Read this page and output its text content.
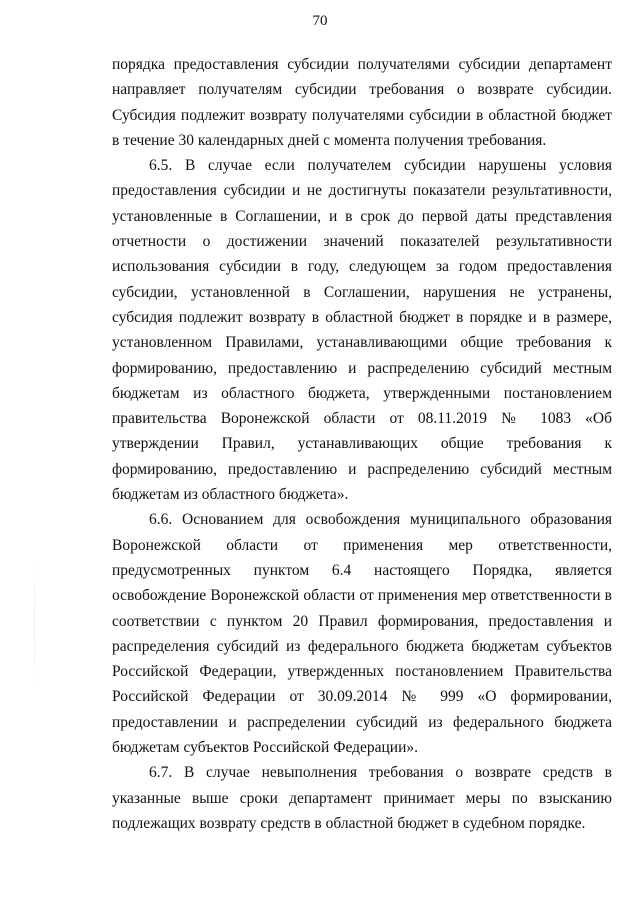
70

порядка предоставления субсидии получателями субсидии департамент направляет получателям субсидии требования о возврате субсидии. Субсидия подлежит возврату получателями субсидии в областной бюджет в течение 30 календарных дней с момента получения требования.

6.5. В случае если получателем субсидии нарушены условия предоставления субсидии и не достигнуты показатели результативности, установленные в Соглашении, и в срок до первой даты представления отчетности о достижении значений показателей результативности использования субсидии в году, следующем за годом предоставления субсидии, установленной в Соглашении, нарушения не устранены, субсидия подлежит возврату в областной бюджет в порядке и в размере, установленном Правилами, устанавливающими общие требования к формированию, предоставлению и распределению субсидий местным бюджетам из областного бюджета, утвержденными постановлением правительства Воронежской области от 08.11.2019 № 1083 «Об утверждении Правил, устанавливающих общие требования к формированию, предоставлению и распределению субсидий местным бюджетам из областного бюджета».

6.6. Основанием для освобождения муниципального образования Воронежской области от применения мер ответственности, предусмотренных пунктом 6.4 настоящего Порядка, является освобождение Воронежской области от применения мер ответственности в соответствии с пунктом 20 Правил формирования, предоставления и распределения субсидий из федерального бюджета бюджетам субъектов Российской Федерации, утвержденных постановлением Правительства Российской Федерации от 30.09.2014 № 999 «О формировании, предоставлении и распределении субсидий из федерального бюджета бюджетам субъектов Российской Федерации».

6.7. В случае невыполнения требования о возврате средств в указанные выше сроки департамент принимает меры по взысканию подлежащих возврату средств в областной бюджет в судебном порядке.
